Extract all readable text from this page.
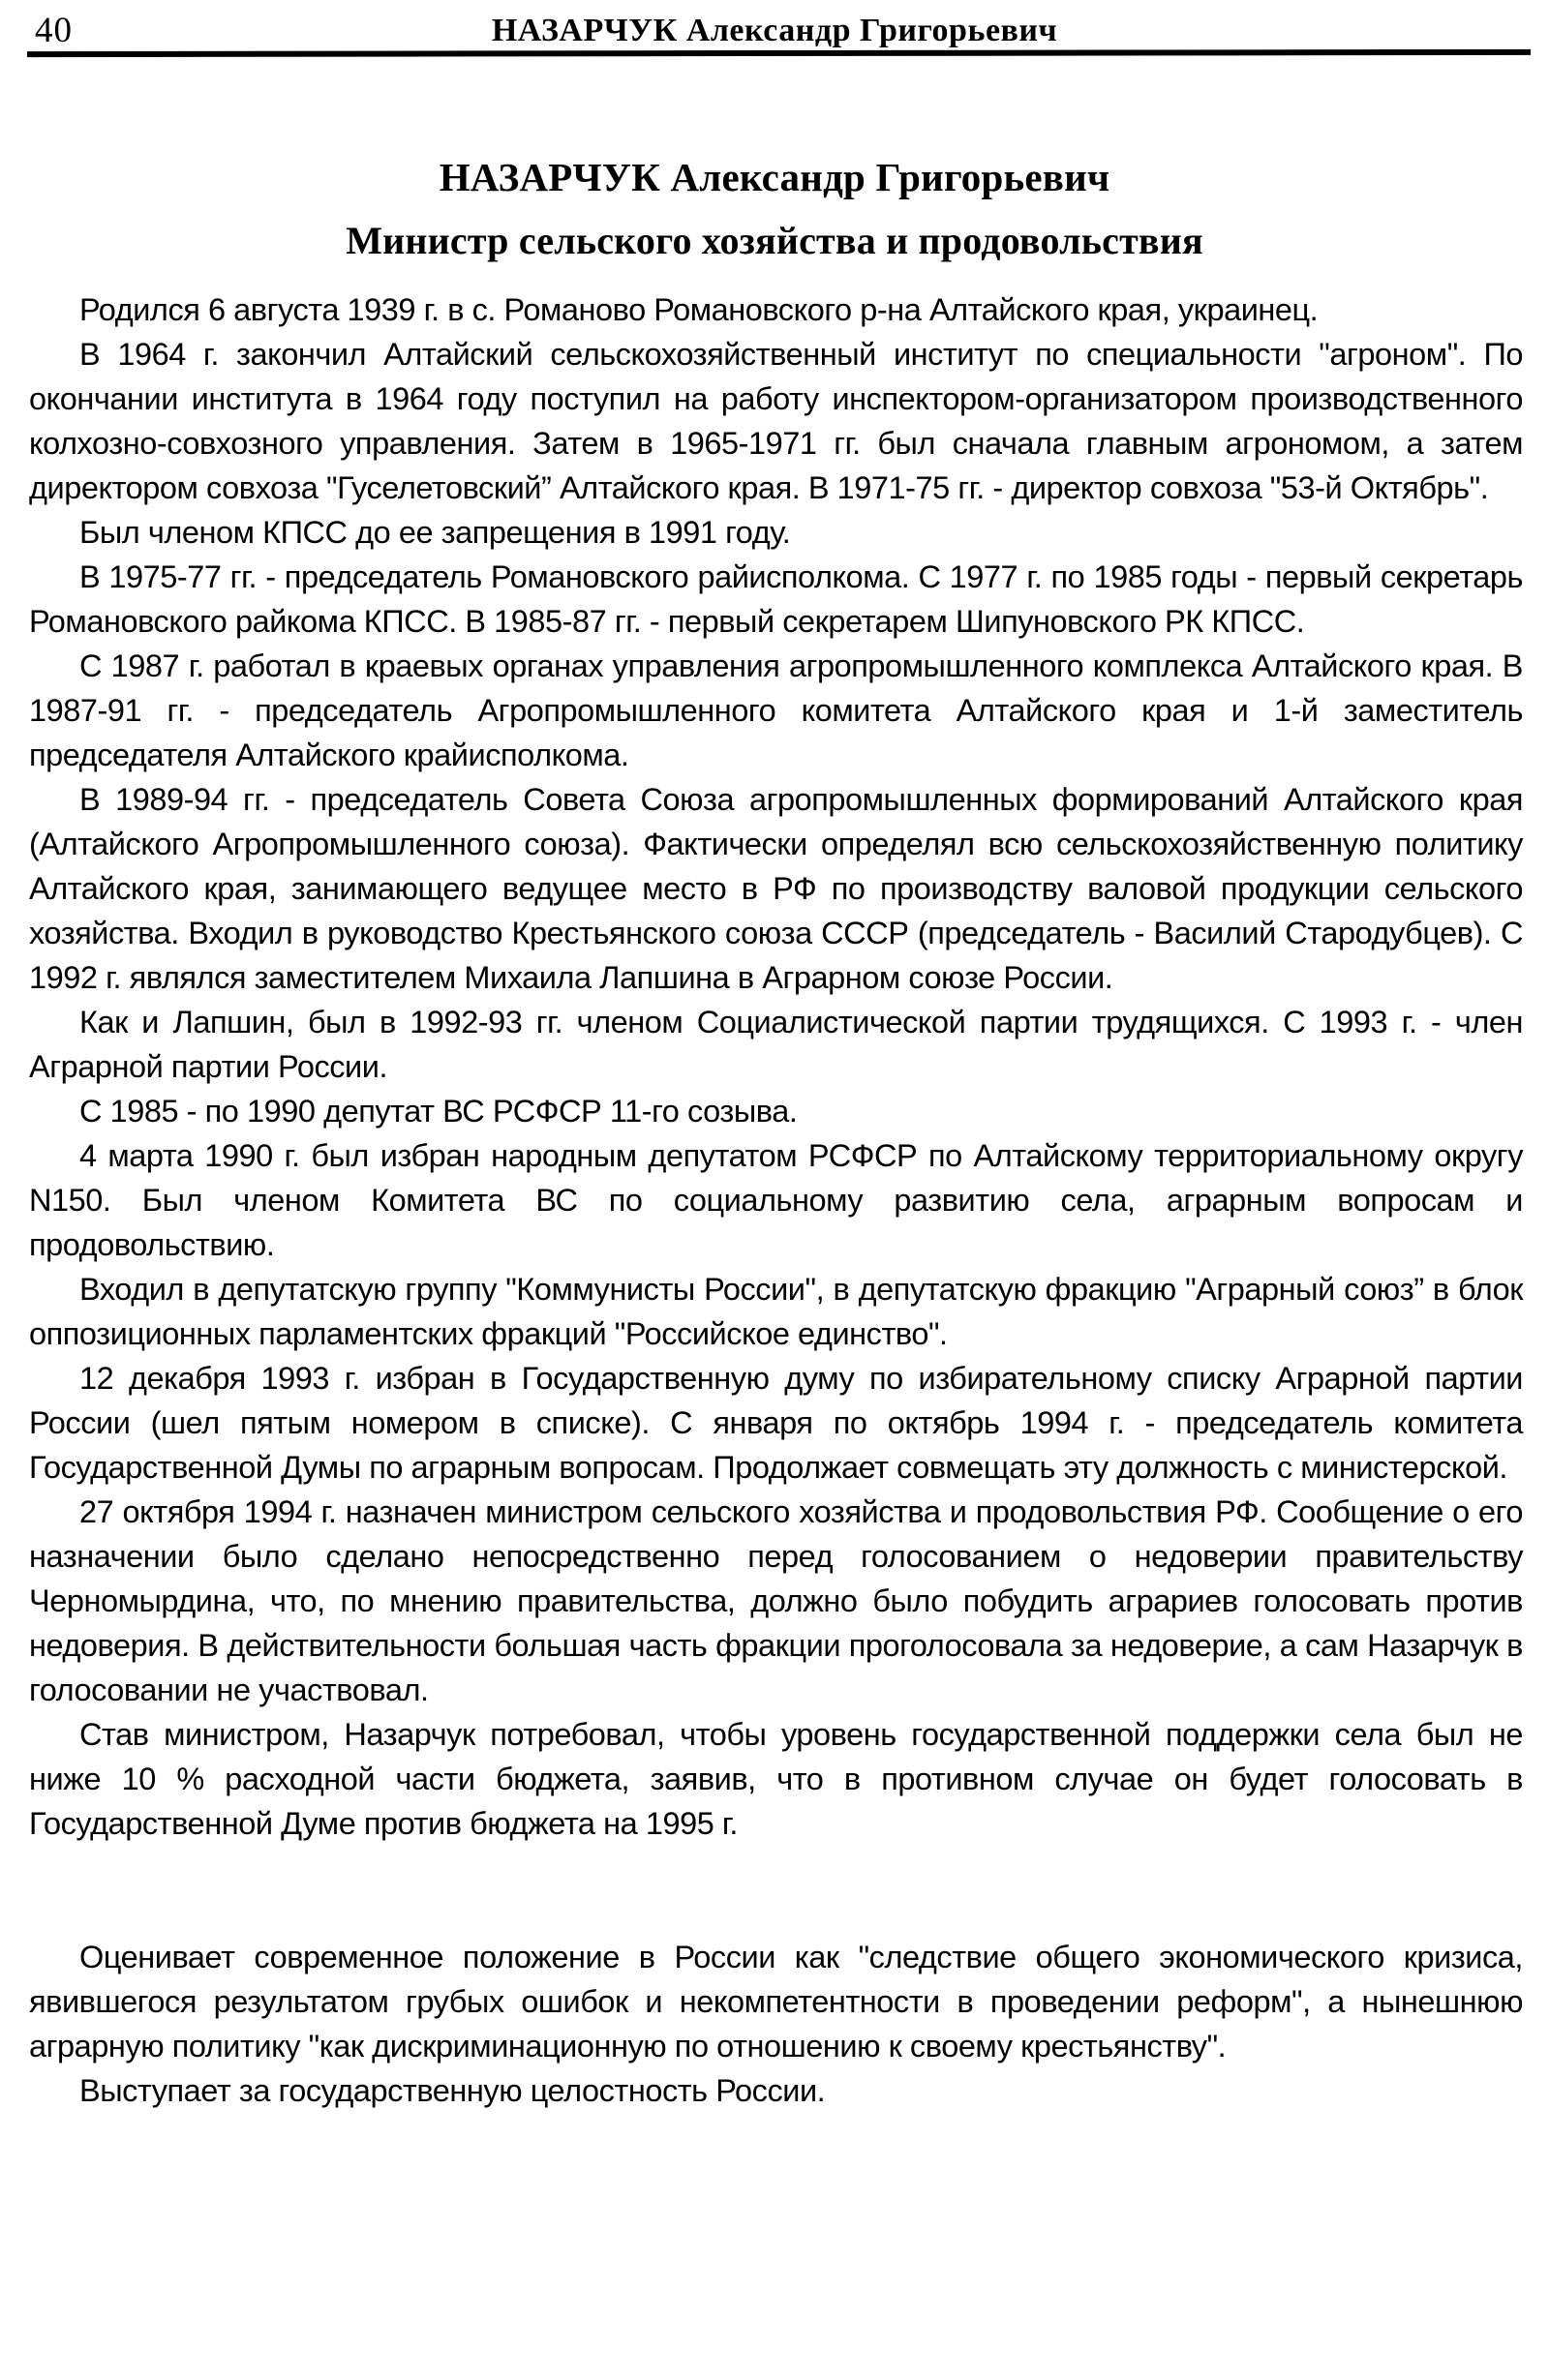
40	НАЗАРЧУК Александр Григорьевич
НАЗАРЧУК Александр Григорьевич
Министр сельского хозяйства и продовольствия

Родился 6 августа 1939 г. в с. Романово Романовского р-на Алтайского края, украинец.

В 1964 г. закончил Алтайский сельскохозяйственный институт по специальности "агроном". По окончании института в 1964 году поступил на работу инспектором-организатором производственного колхозно-совхозного управления. Затем в 1965-1971 гг. был сначала главным агрономом, а затем директором совхоза "Гуселетовский” Алтайского края. В 1971-75 гг. - директор совхоза "53-й Октябрь".

Был членом КПСС до ее запрещения в 1991 году.

В 1975-77 гг. - председатель Романовского райисполкома. С 1977 г. по 1985 годы - первый секретарь Романовского райкома КПСС. В 1985-87 гг. - первый секретарем Шипуновского РК КПСС.

С 1987 г. работал в краевых органах управления агропромышленного комплекса Алтайского края. В 1987-91 гг. - председатель Агропромышленного комитета Алтайского края и 1-й заместитель председателя Алтайского крайисполкома.

В 1989-94 гг. - председатель Совета Союза агропромышленных формирований Алтайского края (Алтайского Агропромышленного союза). Фактически определял всю сельскохозяйственную политику Алтайского края, занимающего ведущее место в РФ по производству валовой продукции сельского хозяйства. Входил в руководство Крестьянского союза СССР (председатель - Василий Стародубцев). С 1992 г. являлся заместителем Михаила Лапшина в Аграрном союзе России.

Как и Лапшин, был в 1992-93 гг. членом Социалистической партии трудящихся. С 1993 г. - член Аграрной партии России.

С 1985 - по 1990 депутат ВС РСФСР 11-го созыва.

4 марта 1990 г. был избран народным депутатом РСФСР по Алтайскому территориальному округу N150. Был членом Комитета ВС по социальному развитию села, аграрным вопросам и продовольствию.

Входил в депутатскую группу "Коммунисты России", в депутатскую фракцию "Аграрный союз” в блок оппозиционных парламентских фракций "Российское единство".

12 декабря 1993 г. избран в Государственную думу по избирательному списку Аграрной партии России (шел пятым номером в списке). С января по октябрь 1994 г. - председатель комитета Государственной Думы по аграрным вопросам. Продолжает совмещать эту должность с министерской.

27 октября 1994 г. назначен министром сельского хозяйства и продовольствия РФ. Сообщение о его назначении было сделано непосредственно перед голосованием о недоверии правительству Черномырдина, что, по мнению правительства, должно было побудить аграриев голосовать против недоверия. В действительности большая часть фракции проголосовала за недоверие, а сам Назарчук в голосовании не участвовал.

Став министром, Назарчук потребовал, чтобы уровень государственной поддержки села был не ниже 10 % расходной части бюджета, заявив, что в противном случае он будет голосовать в Государственной Думе против бюджета на 1995 г.

Оценивает современное положение в России как "следствие общего экономического кризиса, явившегося результатом грубых ошибок и некомпетентности в проведении реформ", а нынешнюю аграрную политику "как дискриминационную по отношению к своему крестьянству".

Выступает за государственную целостность России.
